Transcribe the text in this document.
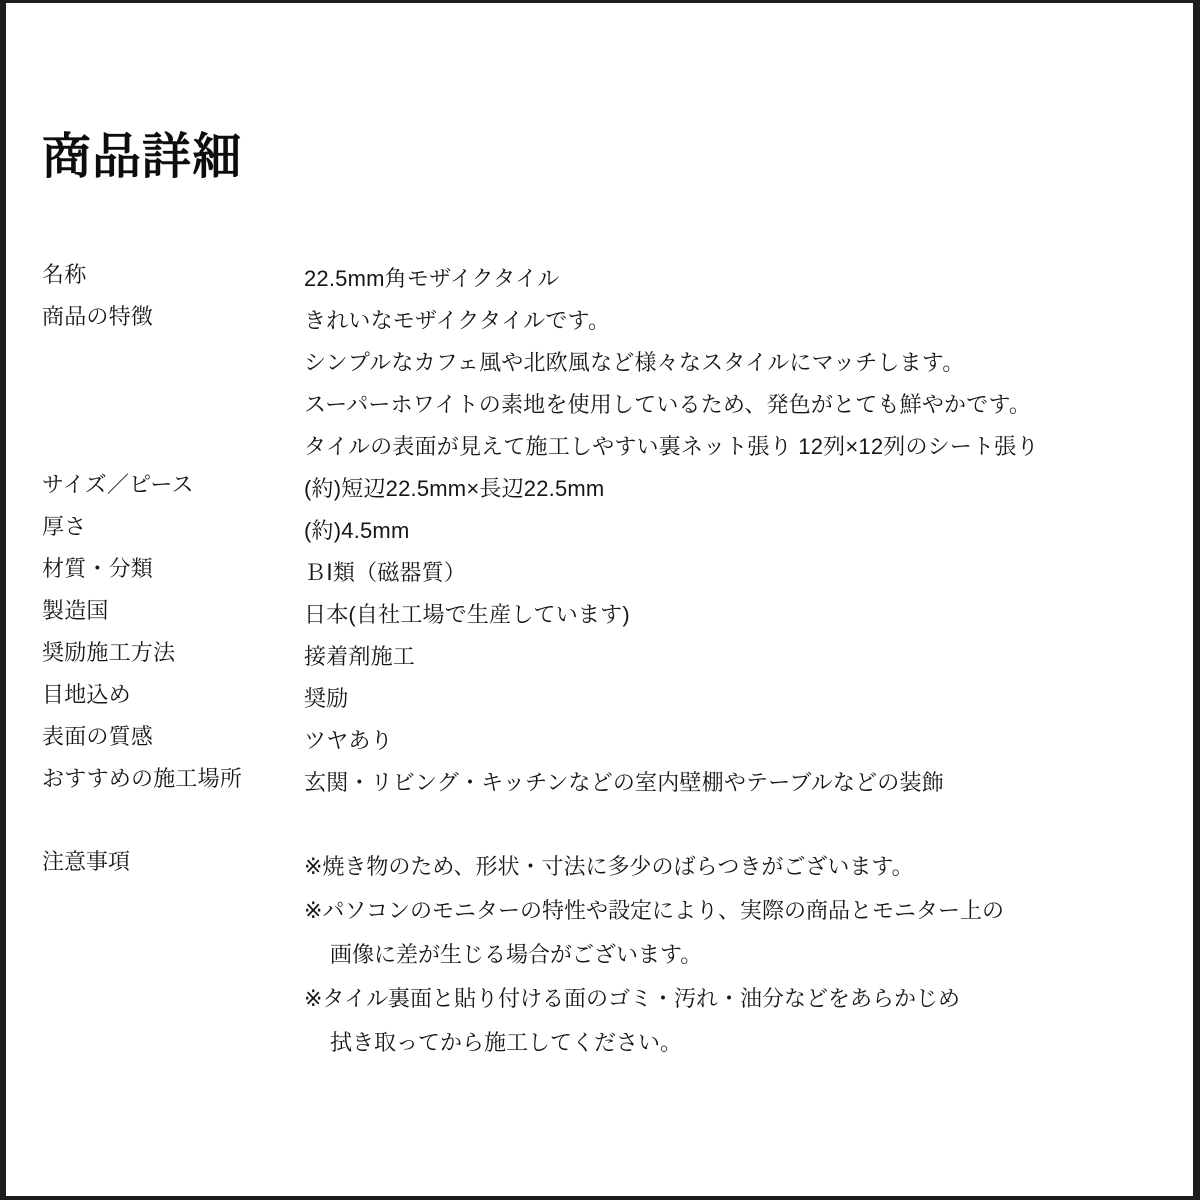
商品詳細
名称	22.5mm角モザイクタイル

商品の特徴	きれいなモザイクタイルです。
シンプルなカフェ風や北欧風など様々なスタイルにマッチします。
スーパーホワイトの素地を使用しているため、発色がとても鮮やかです。
タイルの表面が見えて施工しやすい裏ネット張り 12列×12列のシート張り

サイズ／ピース	(約)短辺22.5mm×長辺22.5mm

厚さ	(約)4.5mm

材質・分類	ＢⅠ類（磁器質）

製造国	日本(自社工場で生産しています)

奨励施工方法	接着剤施工

目地込め	奨励

表面の質感	ツヤあり

おすすめの施工場所	玄関・リビング・キッチンなどの室内壁棚やテーブルなどの装飾
注意事項	※焼き物のため、形状・寸法に多少のばらつきがございます。
※パソコンのモニターの特性や設定により、実際の商品とモニター上の
画像に差が生じる場合がございます。
※タイル裏面と貼り付ける面のゴミ・汚れ・油分などをあらかじめ
拭き取ってから施工してください。
